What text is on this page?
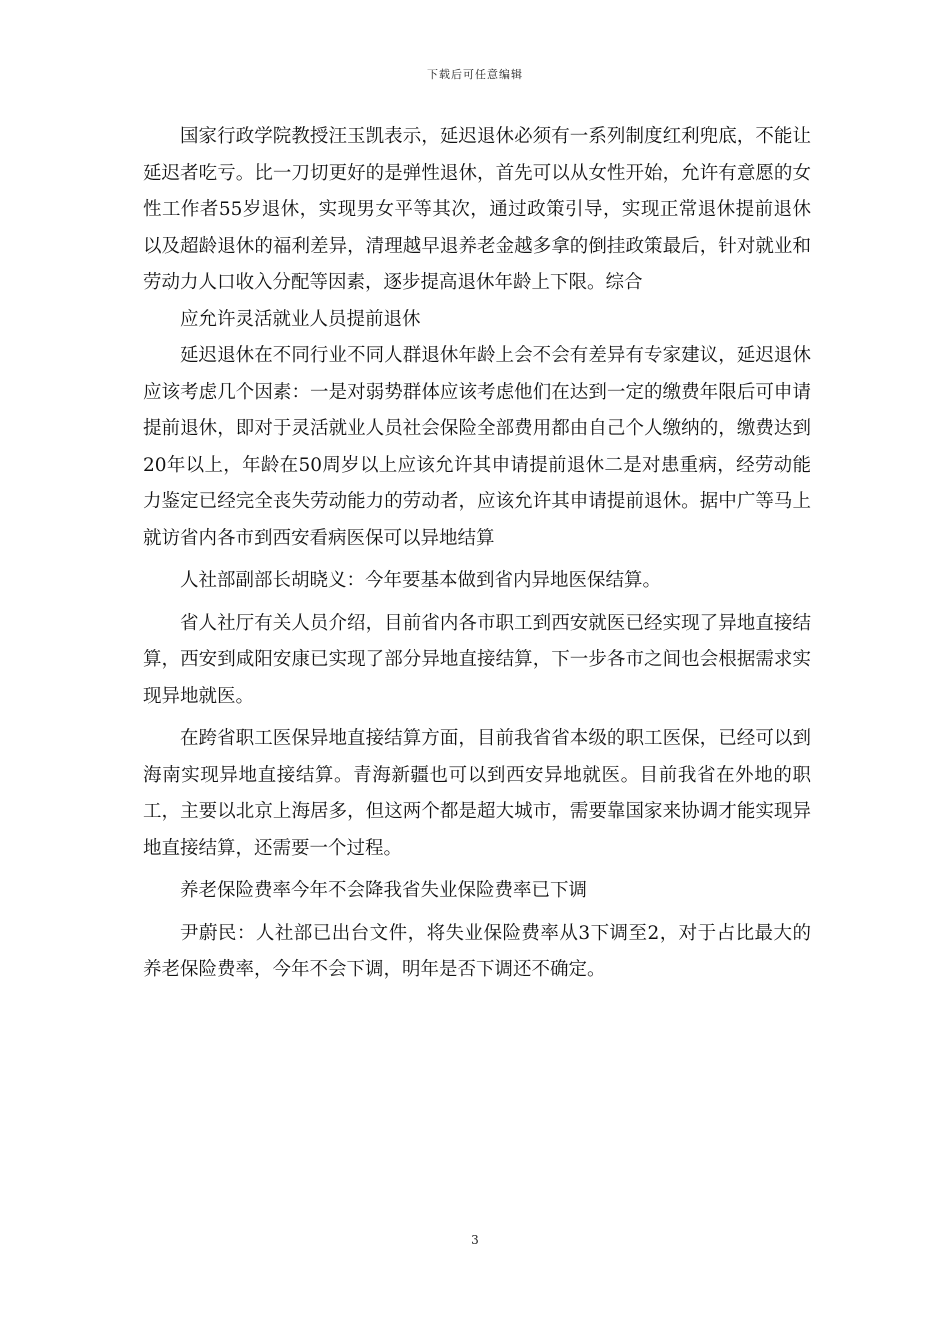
下载后可任意编辑

国家行政学院教授汪玉凯表示，延迟退休必须有一系列制度红利兜底，不能让延迟者吃亏。比一刀切更好的是弹性退休，首先可以从女性开始，允许有意愿的女性工作者55岁退休，实现男女平等其次，通过政策引导，实现正常退休提前退休以及超龄退休的福利差异，清理越早退养老金越多拿的倒挂政策最后，针对就业和劳动力人口收入分配等因素，逐步提高退休年龄上下限。综合

应允许灵活就业人员提前退休

延迟退休在不同行业不同人群退休年龄上会不会有差异有专家建议，延迟退休应该考虑几个因素：一是对弱势群体应该考虑他们在达到一定的缴费年限后可申请提前退休，即对于灵活就业人员社会保险全部费用都由自己个人缴纳的，缴费达到20年以上，年龄在50周岁以上应该允许其申请提前退休二是对患重病，经劳动能力鉴定已经完全丧失劳动能力的劳动者，应该允许其申请提前退休。据中广等马上就访省内各市到西安看病医保可以异地结算

人社部副部长胡晓义：今年要基本做到省内异地医保结算。

省人社厅有关人员介绍，目前省内各市职工到西安就医已经实现了异地直接结算，西安到咸阳安康已实现了部分异地直接结算，下一步各市之间也会根据需求实现异地就医。

在跨省职工医保异地直接结算方面，目前我省省本级的职工医保，已经可以到海南实现异地直接结算。青海新疆也可以到西安异地就医。目前我省在外地的职工，主要以北京上海居多，但这两个都是超大城市，需要靠国家来协调才能实现异地直接结算，还需要一个过程。

养老保险费率今年不会降我省失业保险费率已下调

尹蔚民：人社部已出台文件，将失业保险费率从3下调至2，对于占比最大的养老保险费率，今年不会下调，明年是否下调还不确定。

3
